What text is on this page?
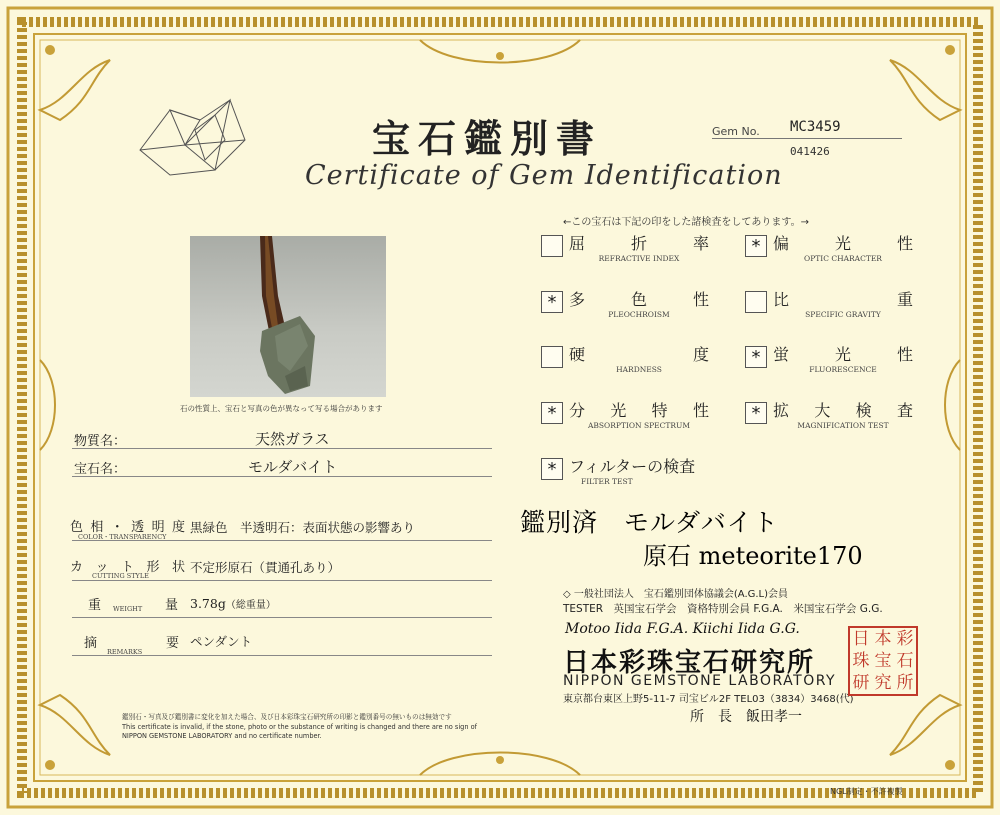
宝石鑑別書
Certificate of Gem Identification
Gem No. MC3459
041426
石の性質上、宝石と写真の色が異なって写る場合があります
←この宝石は下記の印をした諸検査をしてあります。→
屈	折	率
REFRACTIVE INDEX
* 偏	光	性
OPTIC CHARACTER
* 多	色	性
PLEOCHROISM
比	重
SPECIFIC GRAVITY
硬	度
HARDNESS
* 蛍	光	性
FLUORESCENCE
* 分 光 特 性
ABSORPTION SPECTRUM
* 拡 大 検 査
MAGNIFICATION TEST
* フィルターの検査
FILTER TEST
物質名：	天然ガラス
宝石名：	モルダバイト
色 相 ・ 透 明 度
COLOR・TRANSPARENCY
黒緑色　半透明石：表面状態の影響あり
カ ッ ト 形 状
CUTTING STYLE
不定形原石（貫通孔あり）
重	量
WEIGHT	3.78g（総重量）
摘	要
REMARKS
ペンダント
鑑別済　モルダバイト
原石 meteorite170
◇ 一般社団法人　宝石鑑別団体協議会(A.G.L)会員
TESTER　英国宝石学会　資格特別会員 F.G.A.　米国宝石学会 G.G.
Motoo Iida F.G.A. Kiichi Iida G.G.
日本彩珠宝石研究所
NIPPON GEMSTONE LABORATORY
東京都台東区上野5-11-7 司宝ビル2F TEL03（3834）3468(代)
所　長　飯田孝一
日 本 彩
珠 宝 石
研 究 所
鑑別石・写真及び鑑別書に変化を加えた場合、及び日本彩珠宝石研究所の印影と鑑別番号の無いものは無効です
This certificate is invalid, if the stone, photo or the substance of writing is changed and there are no sign of
NIPPON GEMSTONE LABORATORY and no certificate number.
NGL制定・不許複製
